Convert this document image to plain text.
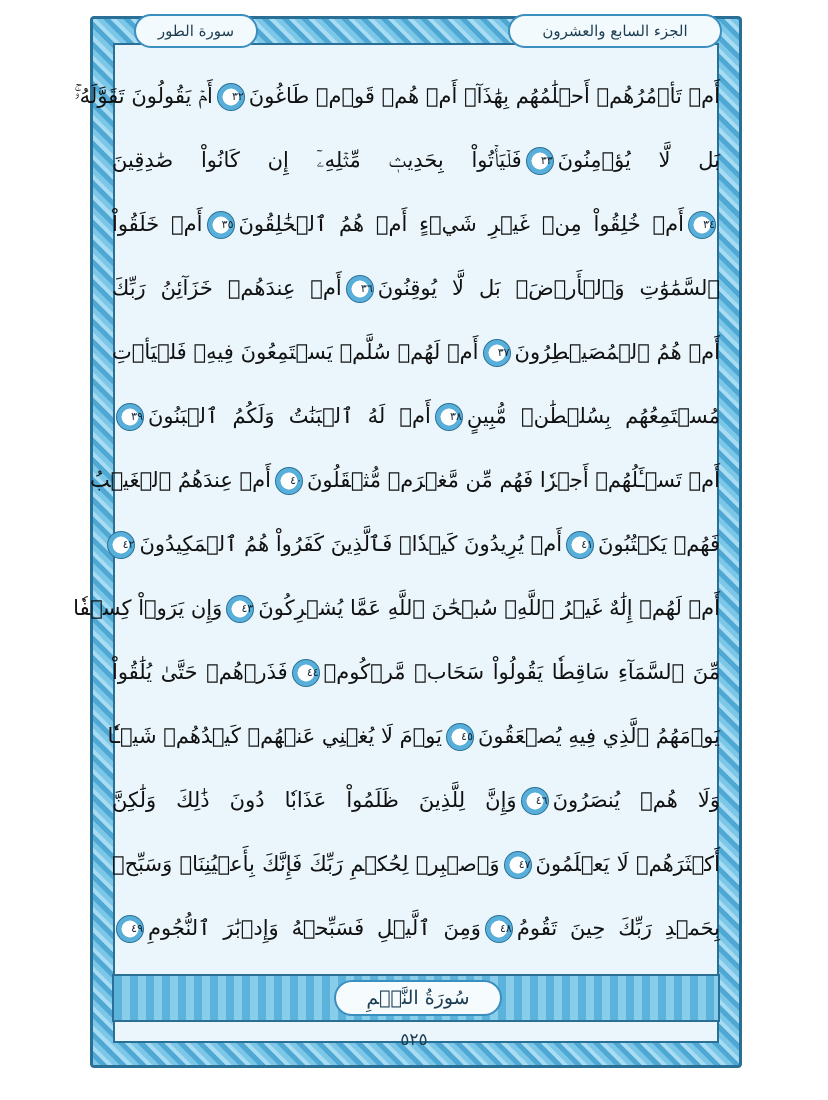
الجزء السابع والعشرون
سورة الطور
أَمۡ تَأۡمُرُهُمۡ أَحۡلَٰمُهُم بِهَٰذَآۚ أَمۡ هُمۡ قَوۡمٞ طَاغُونَ٣٢أَمۡ يَقُولُونَ تَقَوَّلَهُۥۚ
بَل لَّا يُؤۡمِنُونَ٣٣فَلۡيَأۡتُواْ بِحَدِيثٖ مِّثۡلِهِۦٓ إِن كَانُواْ صَٰدِقِينَ
٣٤أَمۡ خُلِقُواْ مِنۡ غَيۡرِ شَيۡءٍ أَمۡ هُمُ ٱلۡخَٰلِقُونَ٣٥أَمۡ خَلَقُواْ
ٱلسَّمَٰوَٰتِ وَٱلۡأَرۡضَۚ بَل لَّا يُوقِنُونَ٣٦أَمۡ عِندَهُمۡ خَزَآئِنُ رَبِّكَ
أَمۡ هُمُ ٱلۡمُصَيۡطِرُونَ٣٧أَمۡ لَهُمۡ سُلَّمٞ يَسۡتَمِعُونَ فِيهِۖ فَلۡيَأۡتِ
مُسۡتَمِعُهُم بِسُلۡطَٰنٖ مُّبِينٍ٣٨أَمۡ لَهُ ٱلۡبَنَٰتُ وَلَكُمُ ٱلۡبَنُونَ٣٩
أَمۡ تَسۡـَٔلُهُمۡ أَجۡرٗا فَهُم مِّن مَّغۡرَمٖ مُّثۡقَلُونَ٤٠أَمۡ عِندَهُمُ ٱلۡغَيۡبُ
فَهُمۡ يَكۡتُبُونَ٤١أَمۡ يُرِيدُونَ كَيۡدٗاۖ فَٱلَّذِينَ كَفَرُواْ هُمُ ٱلۡمَكِيدُونَ٤٢
أَمۡ لَهُمۡ إِلَٰهٌ غَيۡرُ ٱللَّهِۚ سُبۡحَٰنَ ٱللَّهِ عَمَّا يُشۡرِكُونَ٤٣وَإِن يَرَوۡاْ كِسۡفٗا
مِّنَ ٱلسَّمَآءِ سَاقِطٗا يَقُولُواْ سَحَابٞ مَّرۡكُومٞ٤٤فَذَرۡهُمۡ حَتَّىٰ يُلَٰقُواْ
يَوۡمَهُمُ ٱلَّذِي فِيهِ يُصۡعَقُونَ٤٥يَوۡمَ لَا يُغۡنِي عَنۡهُمۡ كَيۡدُهُمۡ شَيۡـٔٗا
وَلَا هُمۡ يُنصَرُونَ٤٦وَإِنَّ لِلَّذِينَ ظَلَمُواْ عَذَابٗا دُونَ ذَٰلِكَ وَلَٰكِنَّ
أَكۡثَرَهُمۡ لَا يَعۡلَمُونَ٤٧وَٱصۡبِرۡ لِحُكۡمِ رَبِّكَ فَإِنَّكَ بِأَعۡيُنِنَاۖ وَسَبِّحۡ
بِحَمۡدِ رَبِّكَ حِينَ تَقُومُ٤٨وَمِنَ ٱلَّيۡلِ فَسَبِّحۡهُ وَإِدۡبَٰرَ ٱلنُّجُومِ٤٩
سُورَةُ النَّجۡمِ
٥٢٥
